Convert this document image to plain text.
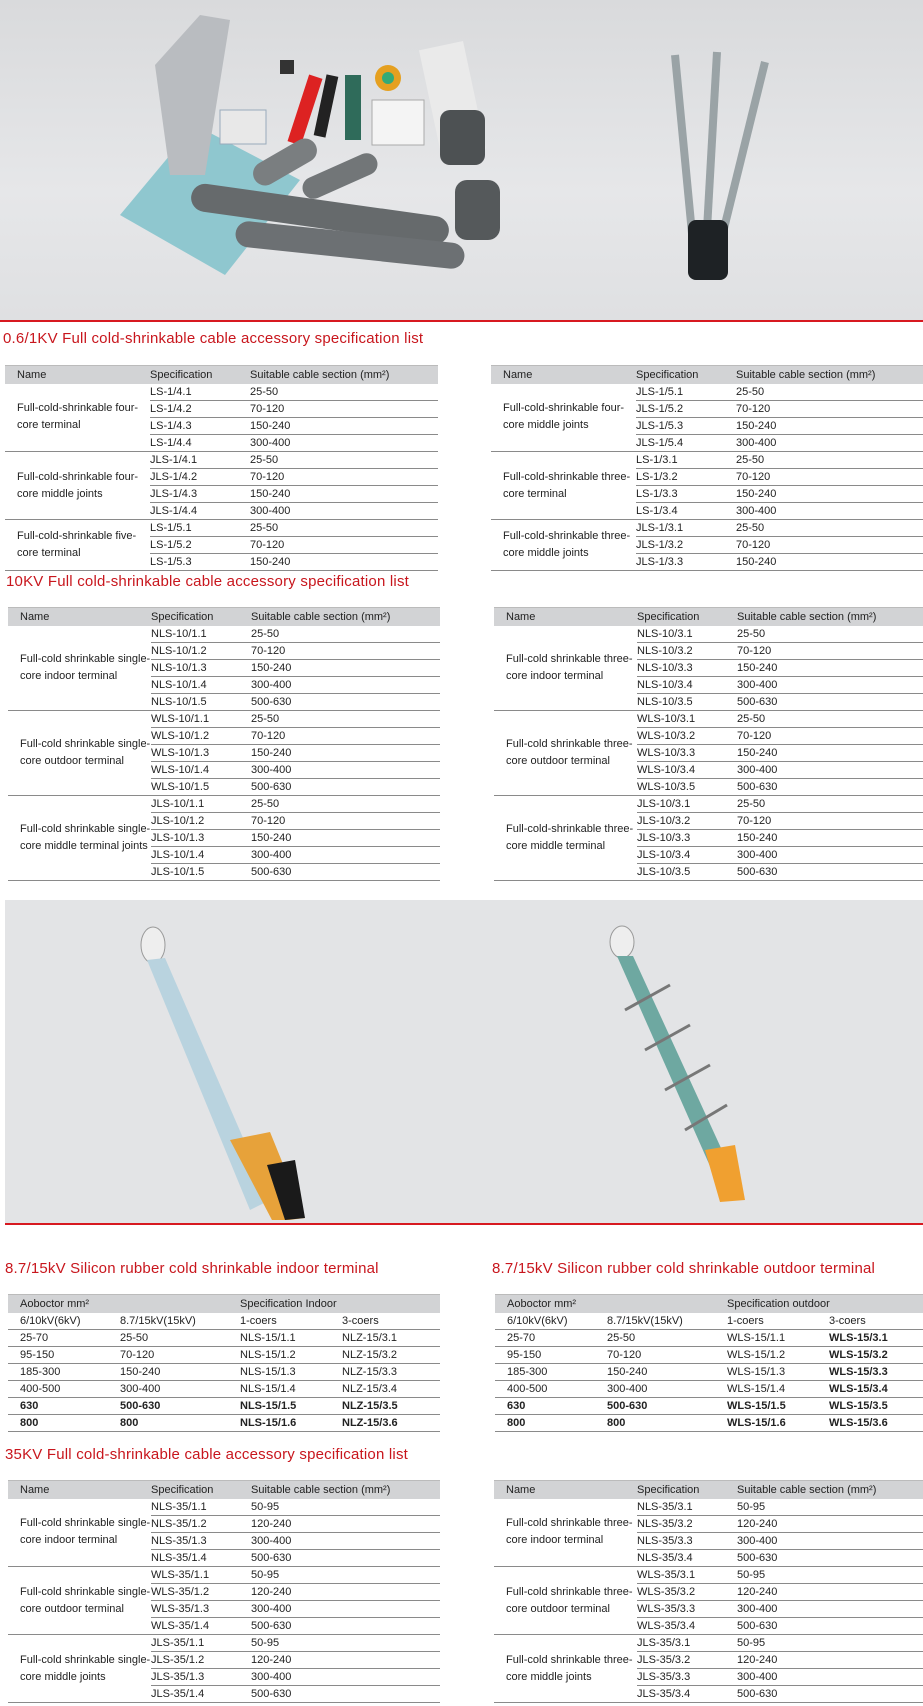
0.6/1KV Full cold-shrinkable cable accessory specification list
Name	Specification	Suitable cable section (mm²)
Full-cold-shrinkable four-core terminal	LS-1/4.1	25-50
	LS-1/4.2	70-120
	LS-1/4.3	150-240
	LS-1/4.4	300-400
Full-cold-shrinkable four-core middle joints	JLS-1/4.1	25-50
	JLS-1/4.2	70-120
	JLS-1/4.3	150-240
	JLS-1/4.4	300-400
Full-cold-shrinkable five-core terminal	LS-1/5.1	25-50
	LS-1/5.2	70-120
	LS-1/5.3	150-240
Name	Specification	Suitable cable section (mm²)
Full-cold-shrinkable four-core middle joints	JLS-1/5.1	25-50
	JLS-1/5.2	70-120
	JLS-1/5.3	150-240
	JLS-1/5.4	300-400
Full-cold-shrinkable three-core terminal	LS-1/3.1	25-50
	LS-1/3.2	70-120
	LS-1/3.3	150-240
	LS-1/3.4	300-400
Full-cold-shrinkable three-core middle joints	JLS-1/3.1	25-50
	JLS-1/3.2	70-120
	JLS-1/3.3	150-240
10KV Full cold-shrinkable cable accessory specification list
Name	Specification	Suitable cable section (mm²)
Full-cold shrinkable single-core indoor terminal	NLS-10/1.1	25-50
	NLS-10/1.2	70-120
	NLS-10/1.3	150-240
	NLS-10/1.4	300-400
	NLS-10/1.5	500-630
Full-cold shrinkable single-core outdoor terminal	WLS-10/1.1	25-50
	WLS-10/1.2	70-120
	WLS-10/1.3	150-240
	WLS-10/1.4	300-400
	WLS-10/1.5	500-630
Full-cold shrinkable single-core middle terminal joints	JLS-10/1.1	25-50
	JLS-10/1.2	70-120
	JLS-10/1.3	150-240
	JLS-10/1.4	300-400
	JLS-10/1.5	500-630
Name	Specification	Suitable cable section (mm²)
Full-cold shrinkable three-core indoor terminal	NLS-10/3.1	25-50
	NLS-10/3.2	70-120
	NLS-10/3.3	150-240
	NLS-10/3.4	300-400
	NLS-10/3.5	500-630
Full-cold shrinkable three-core outdoor terminal	WLS-10/3.1	25-50
	WLS-10/3.2	70-120
	WLS-10/3.3	150-240
	WLS-10/3.4	300-400
	WLS-10/3.5	500-630
Full-cold-shrinkable three-core middle terminal	JLS-10/3.1	25-50
	JLS-10/3.2	70-120
	JLS-10/3.3	150-240
	JLS-10/3.4	300-400
	JLS-10/3.5	500-630
8.7/15kV Silicon rubber cold shrinkable indoor terminal	8.7/15kV Silicon rubber cold shrinkable outdoor terminal
Aoboctor mm²		Specification Indoor	
6/10kV(6kV)	8.7/15kV(15kV)	1-coers	3-coers
25-70	25-50	NLS-15/1.1	NLZ-15/3.1
95-150	70-120	NLS-15/1.2	NLZ-15/3.2
185-300	150-240	NLS-15/1.3	NLZ-15/3.3
400-500	300-400	NLS-15/1.4	NLZ-15/3.4
630	500-630	NLS-15/1.5	NLZ-15/3.5
800	800	NLS-15/1.6	NLZ-15/3.6
Aoboctor mm²		Specification outdoor	
6/10kV(6kV)	8.7/15kV(15kV)	1-coers	3-coers
25-70	25-50	WLS-15/1.1	WLS-15/3.1
95-150	70-120	WLS-15/1.2	WLS-15/3.2
185-300	150-240	WLS-15/1.3	WLS-15/3.3
400-500	300-400	WLS-15/1.4	WLS-15/3.4
630	500-630	WLS-15/1.5	WLS-15/3.5
800	800	WLS-15/1.6	WLS-15/3.6
35KV Full cold-shrinkable cable accessory specification list
Name	Specification	Suitable cable section (mm²)
Full-cold shrinkable single-core indoor terminal	NLS-35/1.1	50-95
	NLS-35/1.2	120-240
	NLS-35/1.3	300-400
	NLS-35/1.4	500-630
Full-cold shrinkable single-core outdoor terminal	WLS-35/1.1	50-95
	WLS-35/1.2	120-240
	WLS-35/1.3	300-400
	WLS-35/1.4	500-630
Full-cold shrinkable single-core middle joints	JLS-35/1.1	50-95
	JLS-35/1.2	120-240
	JLS-35/1.3	300-400
	JLS-35/1.4	500-630
Name	Specification	Suitable cable section (mm²)
Full-cold shrinkable three-core indoor terminal	NLS-35/3.1	50-95
	NLS-35/3.2	120-240
	NLS-35/3.3	300-400
	NLS-35/3.4	500-630
Full-cold shrinkable three-core outdoor terminal	WLS-35/3.1	50-95
	WLS-35/3.2	120-240
	WLS-35/3.3	300-400
	WLS-35/3.4	500-630
Full-cold shrinkable three-core middle joints	JLS-35/3.1	50-95
	JLS-35/3.2	120-240
	JLS-35/3.3	300-400
	JLS-35/3.4	500-630
